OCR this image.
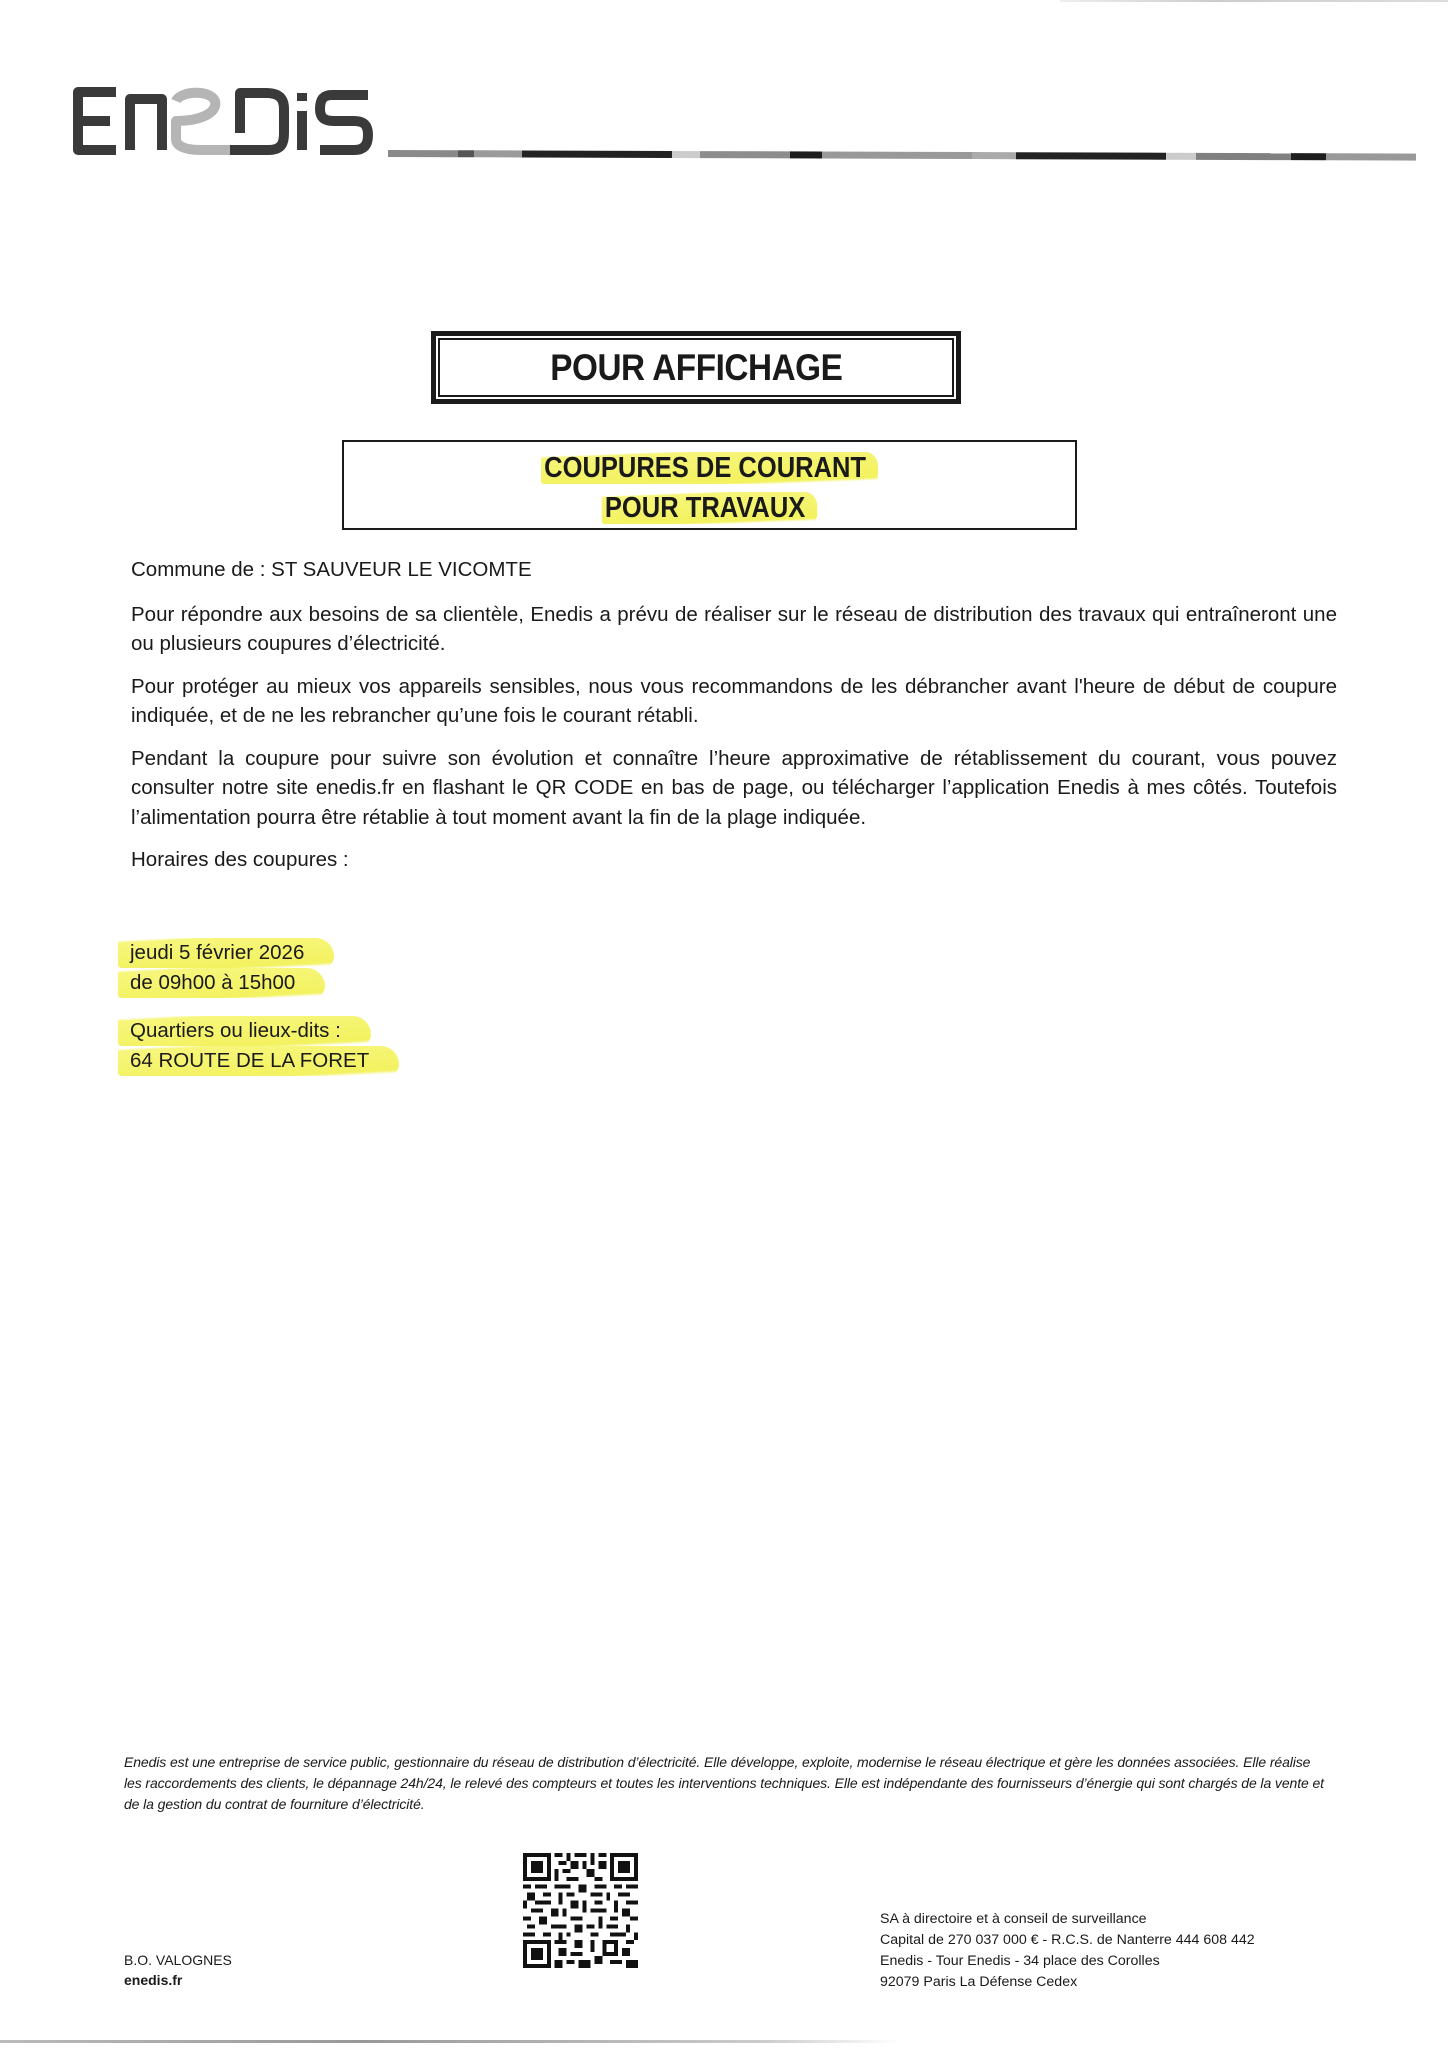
POUR AFFICHAGE
COUPURES DE COURANT
POUR TRAVAUX

Commune de : ST SAUVEUR LE VICOMTE

Pour répondre aux besoins de sa clientèle, Enedis a prévu de réaliser sur le réseau de distribution des travaux qui entraîneront une ou plusieurs coupures d’électricité.

Pour protéger au mieux vos appareils sensibles, nous vous recommandons de les débrancher avant l'heure de début de coupure indiquée, et de ne les rebrancher qu’une fois le courant rétabli.

Pendant la coupure pour suivre son évolution et connaître l’heure approximative de rétablissement du courant, vous pouvez consulter notre site enedis.fr en flashant le QR CODE en bas de page, ou télécharger l’application Enedis à mes côtés. Toutefois l’alimentation pourra être rétablie à tout moment avant la fin de la plage indiquée.

Horaires des coupures :

jeudi 5 février 2026
de 09h00 à 15h00
Quartiers ou lieux-dits :
64 ROUTE DE LA FORET
Enedis est une entreprise de service public, gestionnaire du réseau de distribution d’électricité. Elle développe, exploite, modernise le réseau électrique et gère les données associées. Elle réalise les raccordements des clients, le dépannage 24h/24, le relevé des compteurs et toutes les interventions techniques. Elle est indépendante des fournisseurs d’énergie qui sont chargés de la vente et de la gestion du contrat de fourniture d’électricité.
B.O. VALOGNES
enedis.fr
SA à directoire et à conseil de surveillance
Capital de 270 037 000 € - R.C.S. de Nanterre 444 608 442
Enedis - Tour Enedis - 34 place des Corolles
92079 Paris La Défense Cedex
